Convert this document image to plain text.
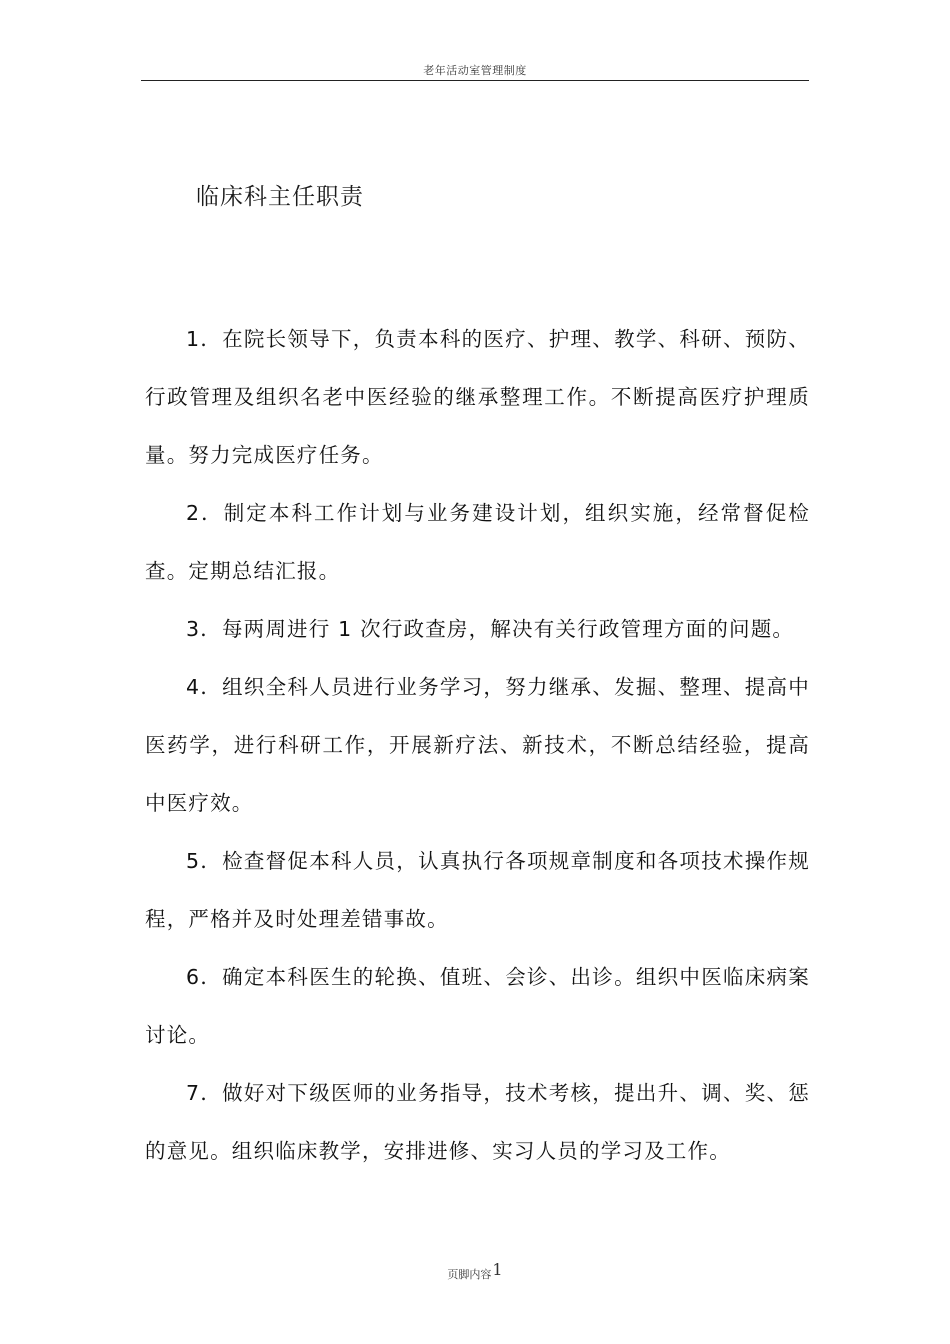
老年活动室管理制度
临床科主任职责

1．在院长领导下，负责本科的医疗、护理、教学、科研、预防、行政管理及组织名老中医经验的继承整理工作。不断提高医疗护理质量。努力完成医疗任务。

2．制定本科工作计划与业务建设计划，组织实施，经常督促检查。定期总结汇报。

3．每两周进行 1 次行政查房，解决有关行政管理方面的问题。

4．组织全科人员进行业务学习，努力继承、发掘、整理、提高中医药学，进行科研工作，开展新疗法、新技术，不断总结经验，提高中医疗效。

5．检查督促本科人员，认真执行各项规章制度和各项技术操作规程，严格并及时处理差错事故。

6．确定本科医生的轮换、值班、会诊、出诊。组织中医临床病案讨论。

7．做好对下级医师的业务指导，技术考核，提出升、调、奖、惩的意见。组织临床教学，安排进修、实习人员的学习及工作。

页脚内容1
